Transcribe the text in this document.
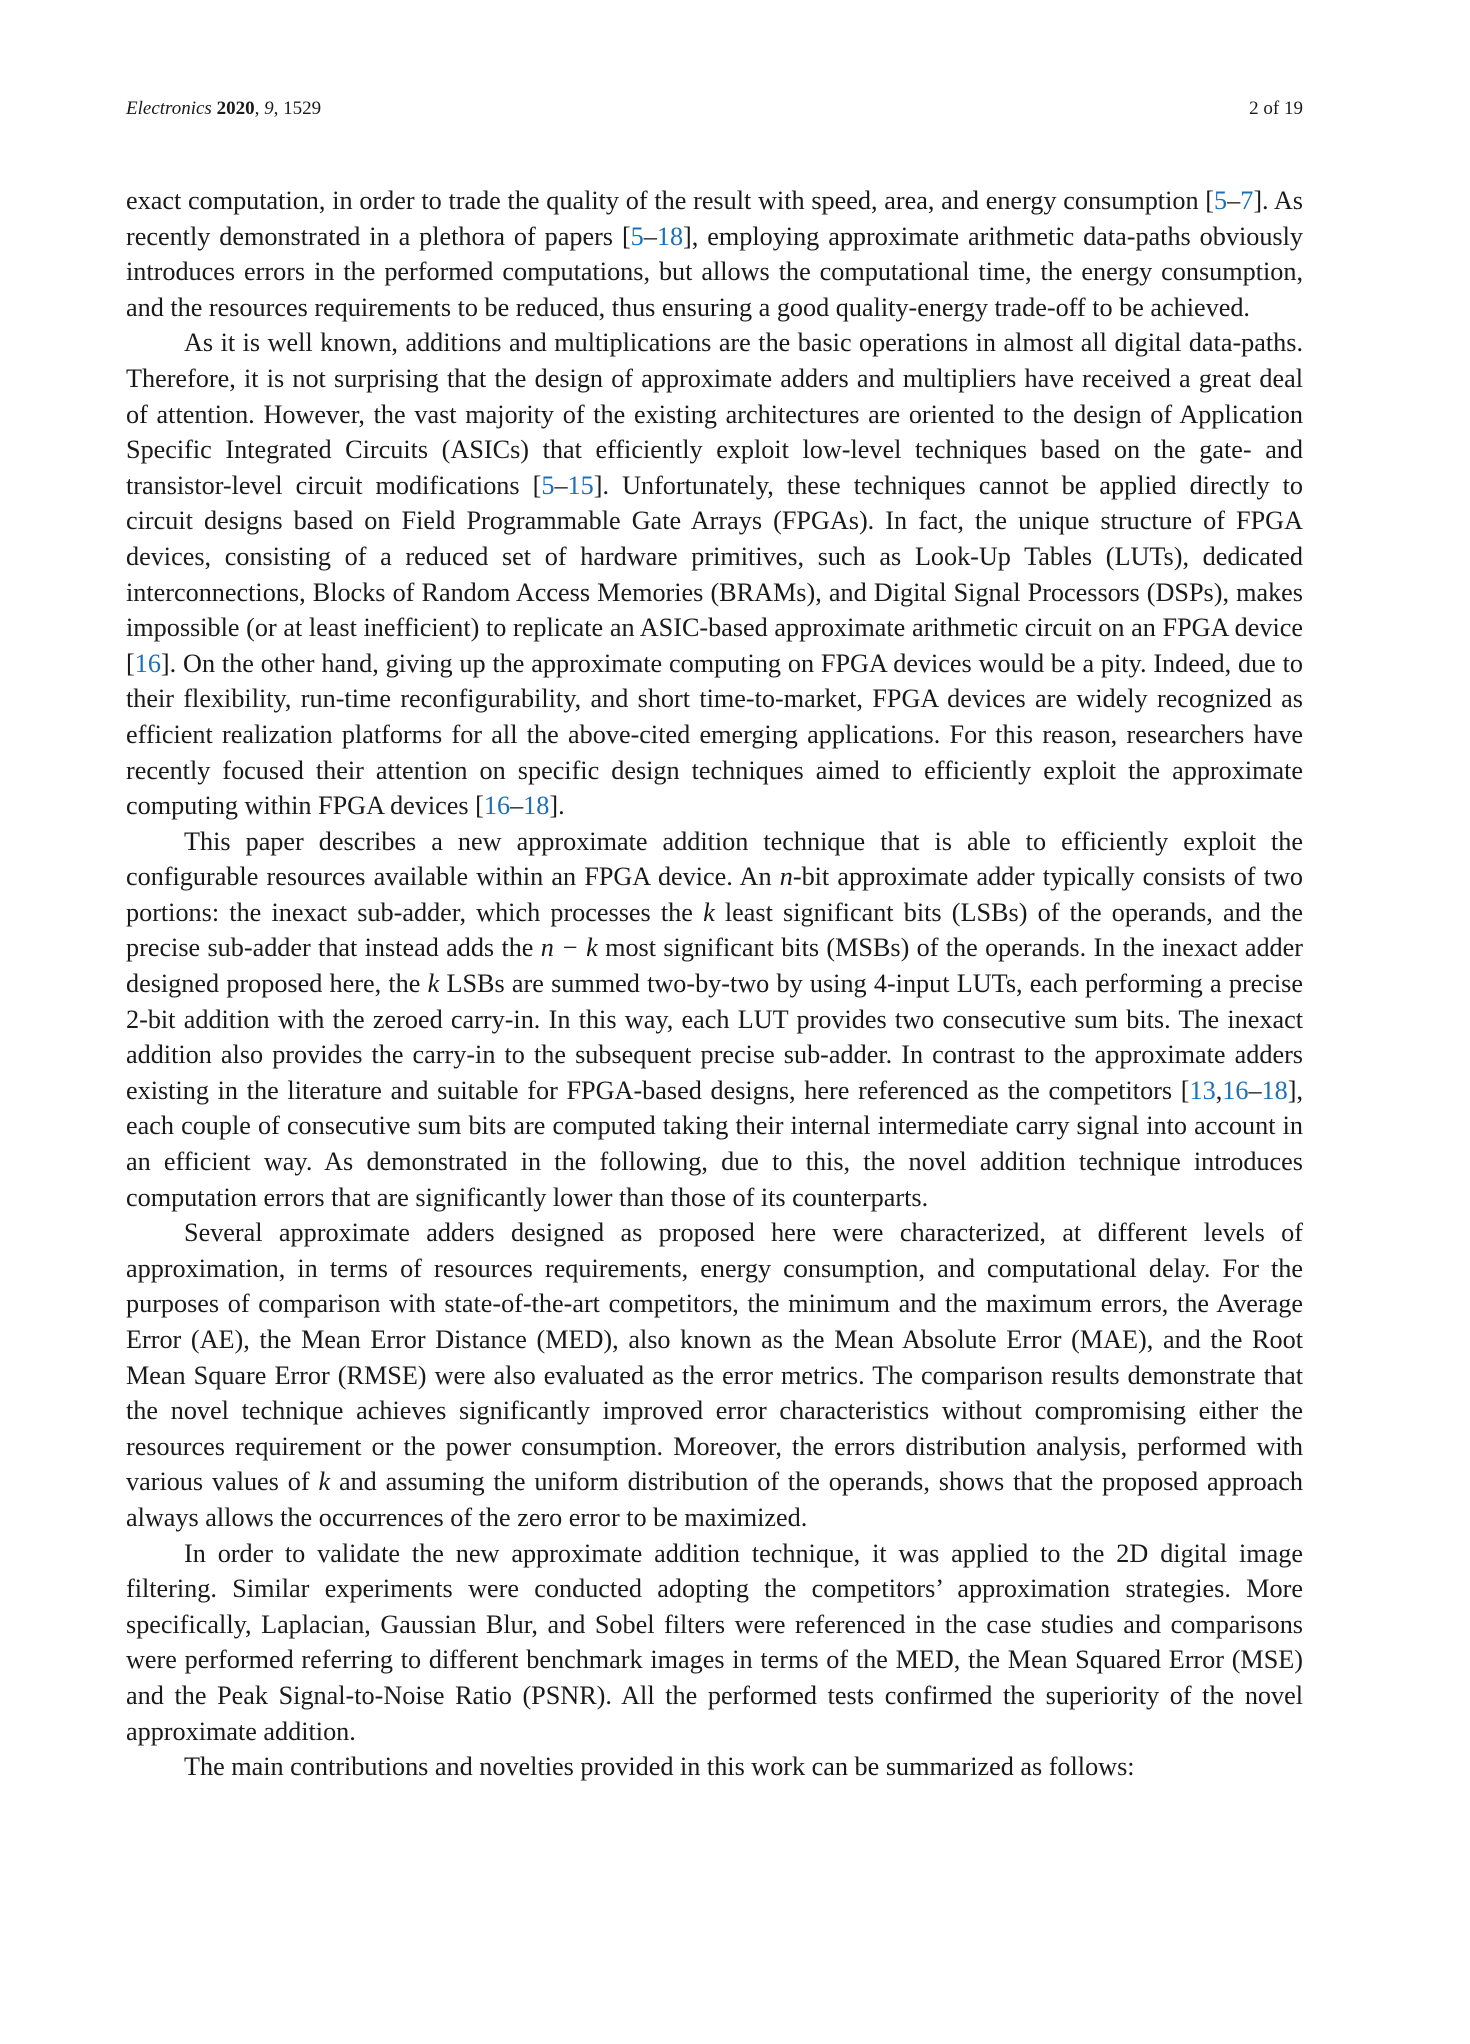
Electronics 2020, 9, 1529	2 of 19

exact computation, in order to trade the quality of the result with speed, area, and energy consumption [5–7]. As recently demonstrated in a plethora of papers [5–18], employing approximate arithmetic data-paths obviously introduces errors in the performed computations, but allows the computational time, the energy consumption, and the resources requirements to be reduced, thus ensuring a good quality-energy trade-off to be achieved.

As it is well known, additions and multiplications are the basic operations in almost all digital data-paths. Therefore, it is not surprising that the design of approximate adders and multipliers have received a great deal of attention. However, the vast majority of the existing architectures are oriented to the design of Application Specific Integrated Circuits (ASICs) that efficiently exploit low-level techniques based on the gate- and transistor-level circuit modifications [5–15]. Unfortunately, these techniques cannot be applied directly to circuit designs based on Field Programmable Gate Arrays (FPGAs). In fact, the unique structure of FPGA devices, consisting of a reduced set of hardware primitives, such as Look-Up Tables (LUTs), dedicated interconnections, Blocks of Random Access Memories (BRAMs), and Digital Signal Processors (DSPs), makes impossible (or at least inefficient) to replicate an ASIC-based approximate arithmetic circuit on an FPGA device [16]. On the other hand, giving up the approximate computing on FPGA devices would be a pity. Indeed, due to their flexibility, run-time reconfigurability, and short time-to-market, FPGA devices are widely recognized as efficient realization platforms for all the above-cited emerging applications. For this reason, researchers have recently focused their attention on specific design techniques aimed to efficiently exploit the approximate computing within FPGA devices [16–18].

This paper describes a new approximate addition technique that is able to efficiently exploit the configurable resources available within an FPGA device. An n-bit approximate adder typically consists of two portions: the inexact sub-adder, which processes the k least significant bits (LSBs) of the operands, and the precise sub-adder that instead adds the n − k most significant bits (MSBs) of the operands. In the inexact adder designed proposed here, the k LSBs are summed two-by-two by using 4-input LUTs, each performing a precise 2-bit addition with the zeroed carry-in. In this way, each LUT provides two consecutive sum bits. The inexact addition also provides the carry-in to the subsequent precise sub-adder. In contrast to the approximate adders existing in the literature and suitable for FPGA-based designs, here referenced as the competitors [13,16–18], each couple of consecutive sum bits are computed taking their internal intermediate carry signal into account in an efficient way. As demonstrated in the following, due to this, the novel addition technique introduces computation errors that are significantly lower than those of its counterparts.

Several approximate adders designed as proposed here were characterized, at different levels of approximation, in terms of resources requirements, energy consumption, and computational delay. For the purposes of comparison with state-of-the-art competitors, the minimum and the maximum errors, the Average Error (AE), the Mean Error Distance (MED), also known as the Mean Absolute Error (MAE), and the Root Mean Square Error (RMSE) were also evaluated as the error metrics. The comparison results demonstrate that the novel technique achieves significantly improved error characteristics without compromising either the resources requirement or the power consumption. Moreover, the errors distribution analysis, performed with various values of k and assuming the uniform distribution of the operands, shows that the proposed approach always allows the occurrences of the zero error to be maximized.

In order to validate the new approximate addition technique, it was applied to the 2D digital image filtering. Similar experiments were conducted adopting the competitors’ approximation strategies. More specifically, Laplacian, Gaussian Blur, and Sobel filters were referenced in the case studies and comparisons were performed referring to different benchmark images in terms of the MED, the Mean Squared Error (MSE) and the Peak Signal-to-Noise Ratio (PSNR). All the performed tests confirmed the superiority of the novel approximate addition.

The main contributions and novelties provided in this work can be summarized as follows:
